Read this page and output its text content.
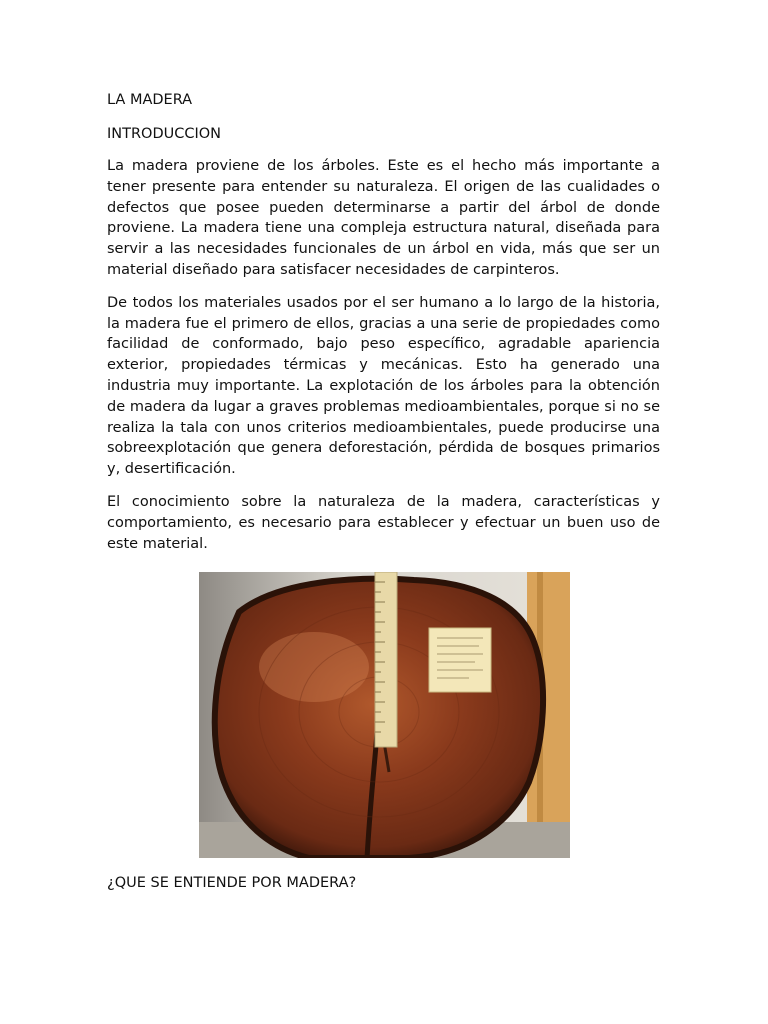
LA MADERA
INTRODUCCION

La madera proviene de los árboles. Este es el hecho más importante a tener presente para entender su naturaleza. El origen de las cualidades o defectos que posee pueden determinarse a partir del árbol de donde proviene. La madera tiene una compleja estructura natural, diseñada para servir a las necesidades funcionales de un árbol en vida, más que ser un material diseñado para satisfacer necesidades de carpinteros.

De todos los materiales usados por el ser humano a lo largo de la historia, la madera fue el primero de ellos, gracias a una serie de propiedades como facilidad de conformado, bajo peso específico, agradable apariencia exterior, propiedades térmicas y mecánicas. Esto ha generado una industria muy importante. La explotación de los árboles para la obtención de madera da lugar a graves problemas medioambientales, porque si no se realiza la tala con unos criterios medioambientales, puede producirse una sobreexplotación que genera deforestación, pérdida de bosques primarios y, desertificación.

El conocimiento sobre la naturaleza de la madera, características y comportamiento, es necesario para establecer y efectuar un buen uso de este material.

¿QUE SE ENTIENDE POR MADERA?
